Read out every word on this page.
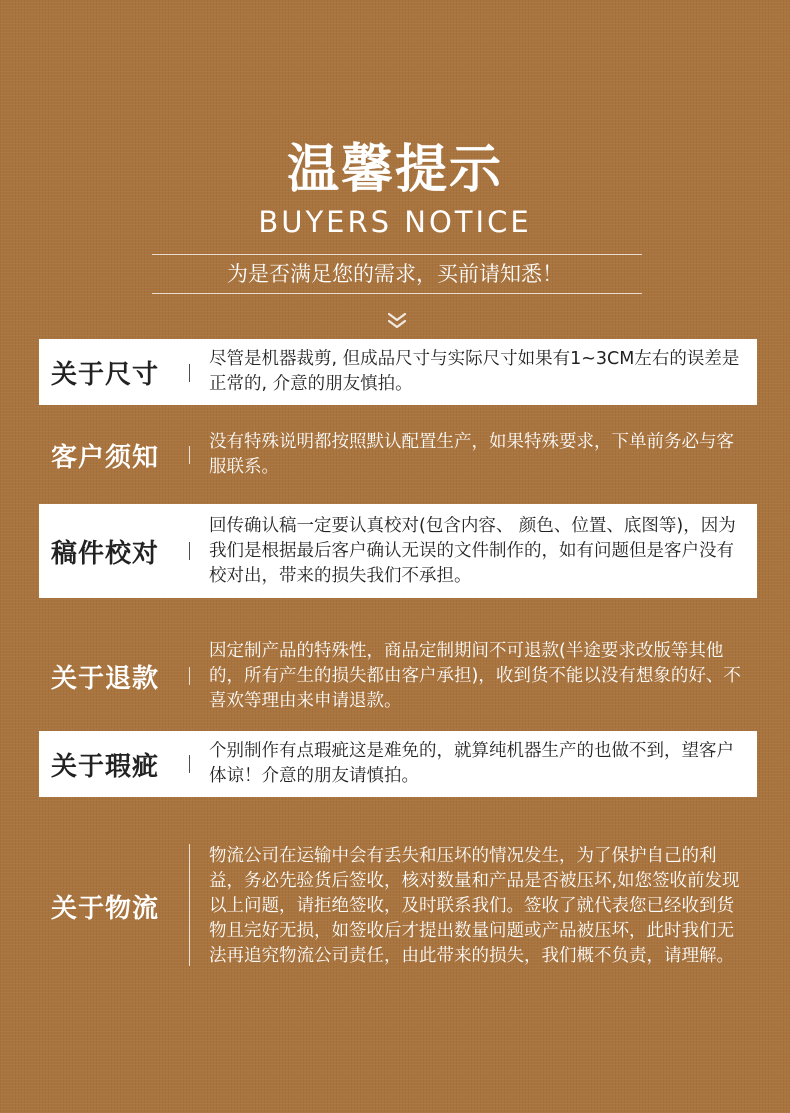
温馨提示
BUYERS NOTICE
为是否满足您的需求，买前请知悉！
关于尺寸
尽管是机器裁剪, 但成品尺寸与实际尺寸如果有1~3CM左右的误差是正常的, 介意的朋友慎拍。
客户须知
没有特殊说明都按照默认配置生产，如果特殊要求，下单前务必与客服联系。
稿件校对
回传确认稿一定要认真校对(包含内容、 颜色、位置、底图等)，因为我们是根据最后客户确认无误的文件制作的，如有问题但是客户没有校对出，带来的损失我们不承担。
关于退款
因定制产品的特殊性，商品定制期间不可退款(半途要求改版等其他的，所有产生的损失都由客户承担)，收到货不能以没有想象的好、不喜欢等理由来申请退款。
关于瑕疵
个别制作有点瑕疵这是难免的，就算纯机器生产的也做不到，望客户体谅！介意的朋友请慎拍。
关于物流
物流公司在运输中会有丢失和压坏的情况发生，为了保护自己的利益，务必先验货后签收，核对数量和产品是否被压坏,如您签收前发现以上问题，请拒绝签收，及时联系我们。签收了就代表您已经收到货物且完好无损，如签收后才提出数量问题或产品被压坏，此时我们无法再追究物流公司责任，由此带来的损失，我们概不负责，请理解。
